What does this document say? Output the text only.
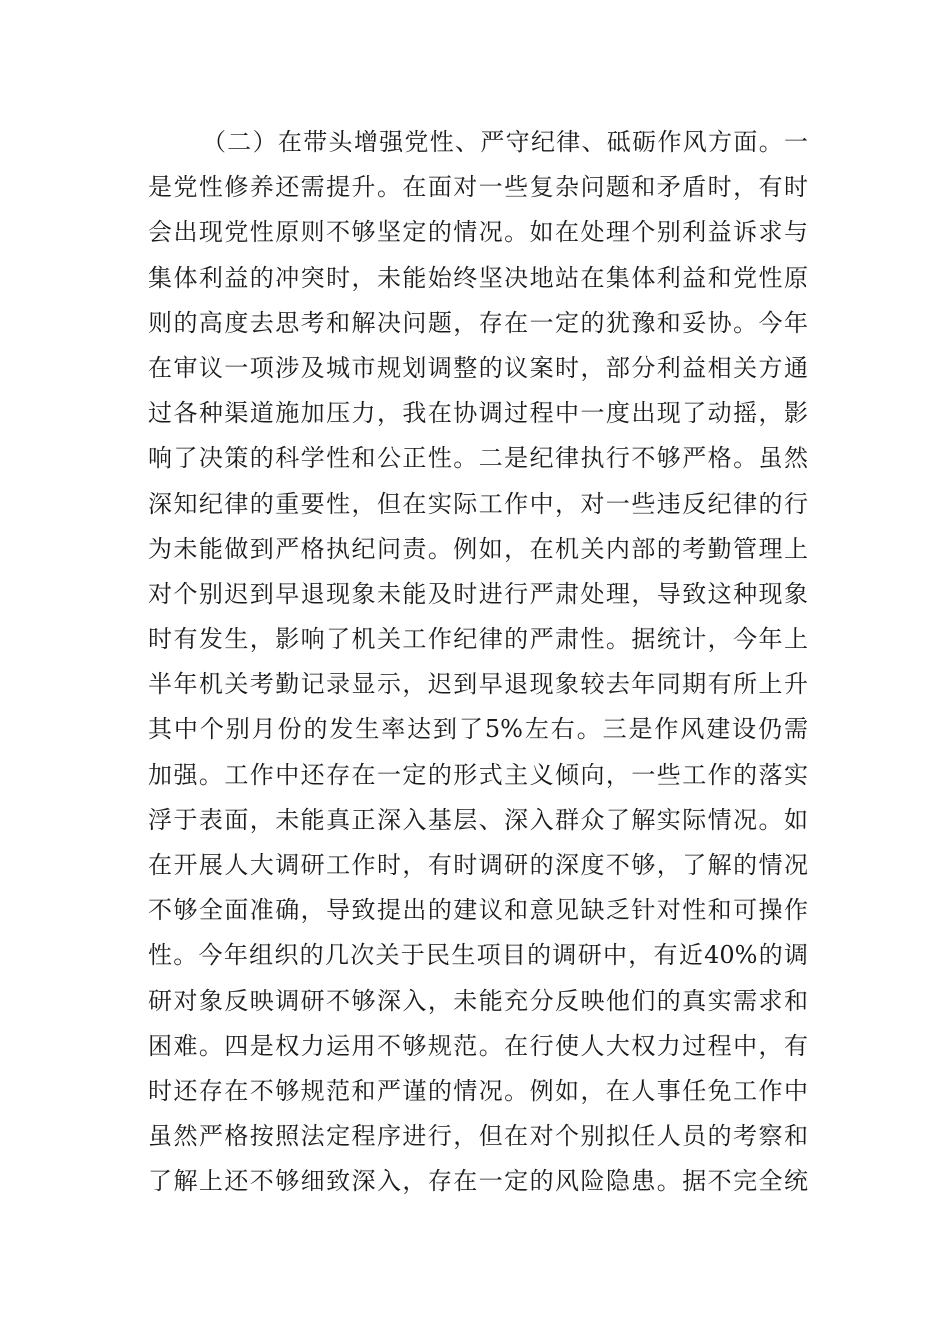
（二）在带头增强党性、严守纪律、砥砺作风方面。一
是党性修养还需提升。在面对一些复杂问题和矛盾时，有时
会出现党性原则不够坚定的情况。如在处理个别利益诉求与
集体利益的冲突时，未能始终坚决地站在集体利益和党性原
则的高度去思考和解决问题，存在一定的犹豫和妥协。今年
在审议一项涉及城市规划调整的议案时，部分利益相关方通
过各种渠道施加压力，我在协调过程中一度出现了动摇，影
响了决策的科学性和公正性。二是纪律执行不够严格。虽然
深知纪律的重要性，但在实际工作中，对一些违反纪律的行
为未能做到严格执纪问责。例如，在机关内部的考勤管理上
对个别迟到早退现象未能及时进行严肃处理，导致这种现象
时有发生，影响了机关工作纪律的严肃性。据统计，今年上
半年机关考勤记录显示，迟到早退现象较去年同期有所上升
其中个别月份的发生率达到了5%左右。三是作风建设仍需
加强。工作中还存在一定的形式主义倾向，一些工作的落实
浮于表面，未能真正深入基层、深入群众了解实际情况。如
在开展人大调研工作时，有时调研的深度不够，了解的情况
不够全面准确，导致提出的建议和意见缺乏针对性和可操作
性。今年组织的几次关于民生项目的调研中，有近40%的调
研对象反映调研不够深入，未能充分反映他们的真实需求和
困难。四是权力运用不够规范。在行使人大权力过程中，有
时还存在不够规范和严谨的情况。例如，在人事任免工作中
虽然严格按照法定程序进行，但在对个别拟任人员的考察和
了解上还不够细致深入，存在一定的风险隐患。据不完全统
